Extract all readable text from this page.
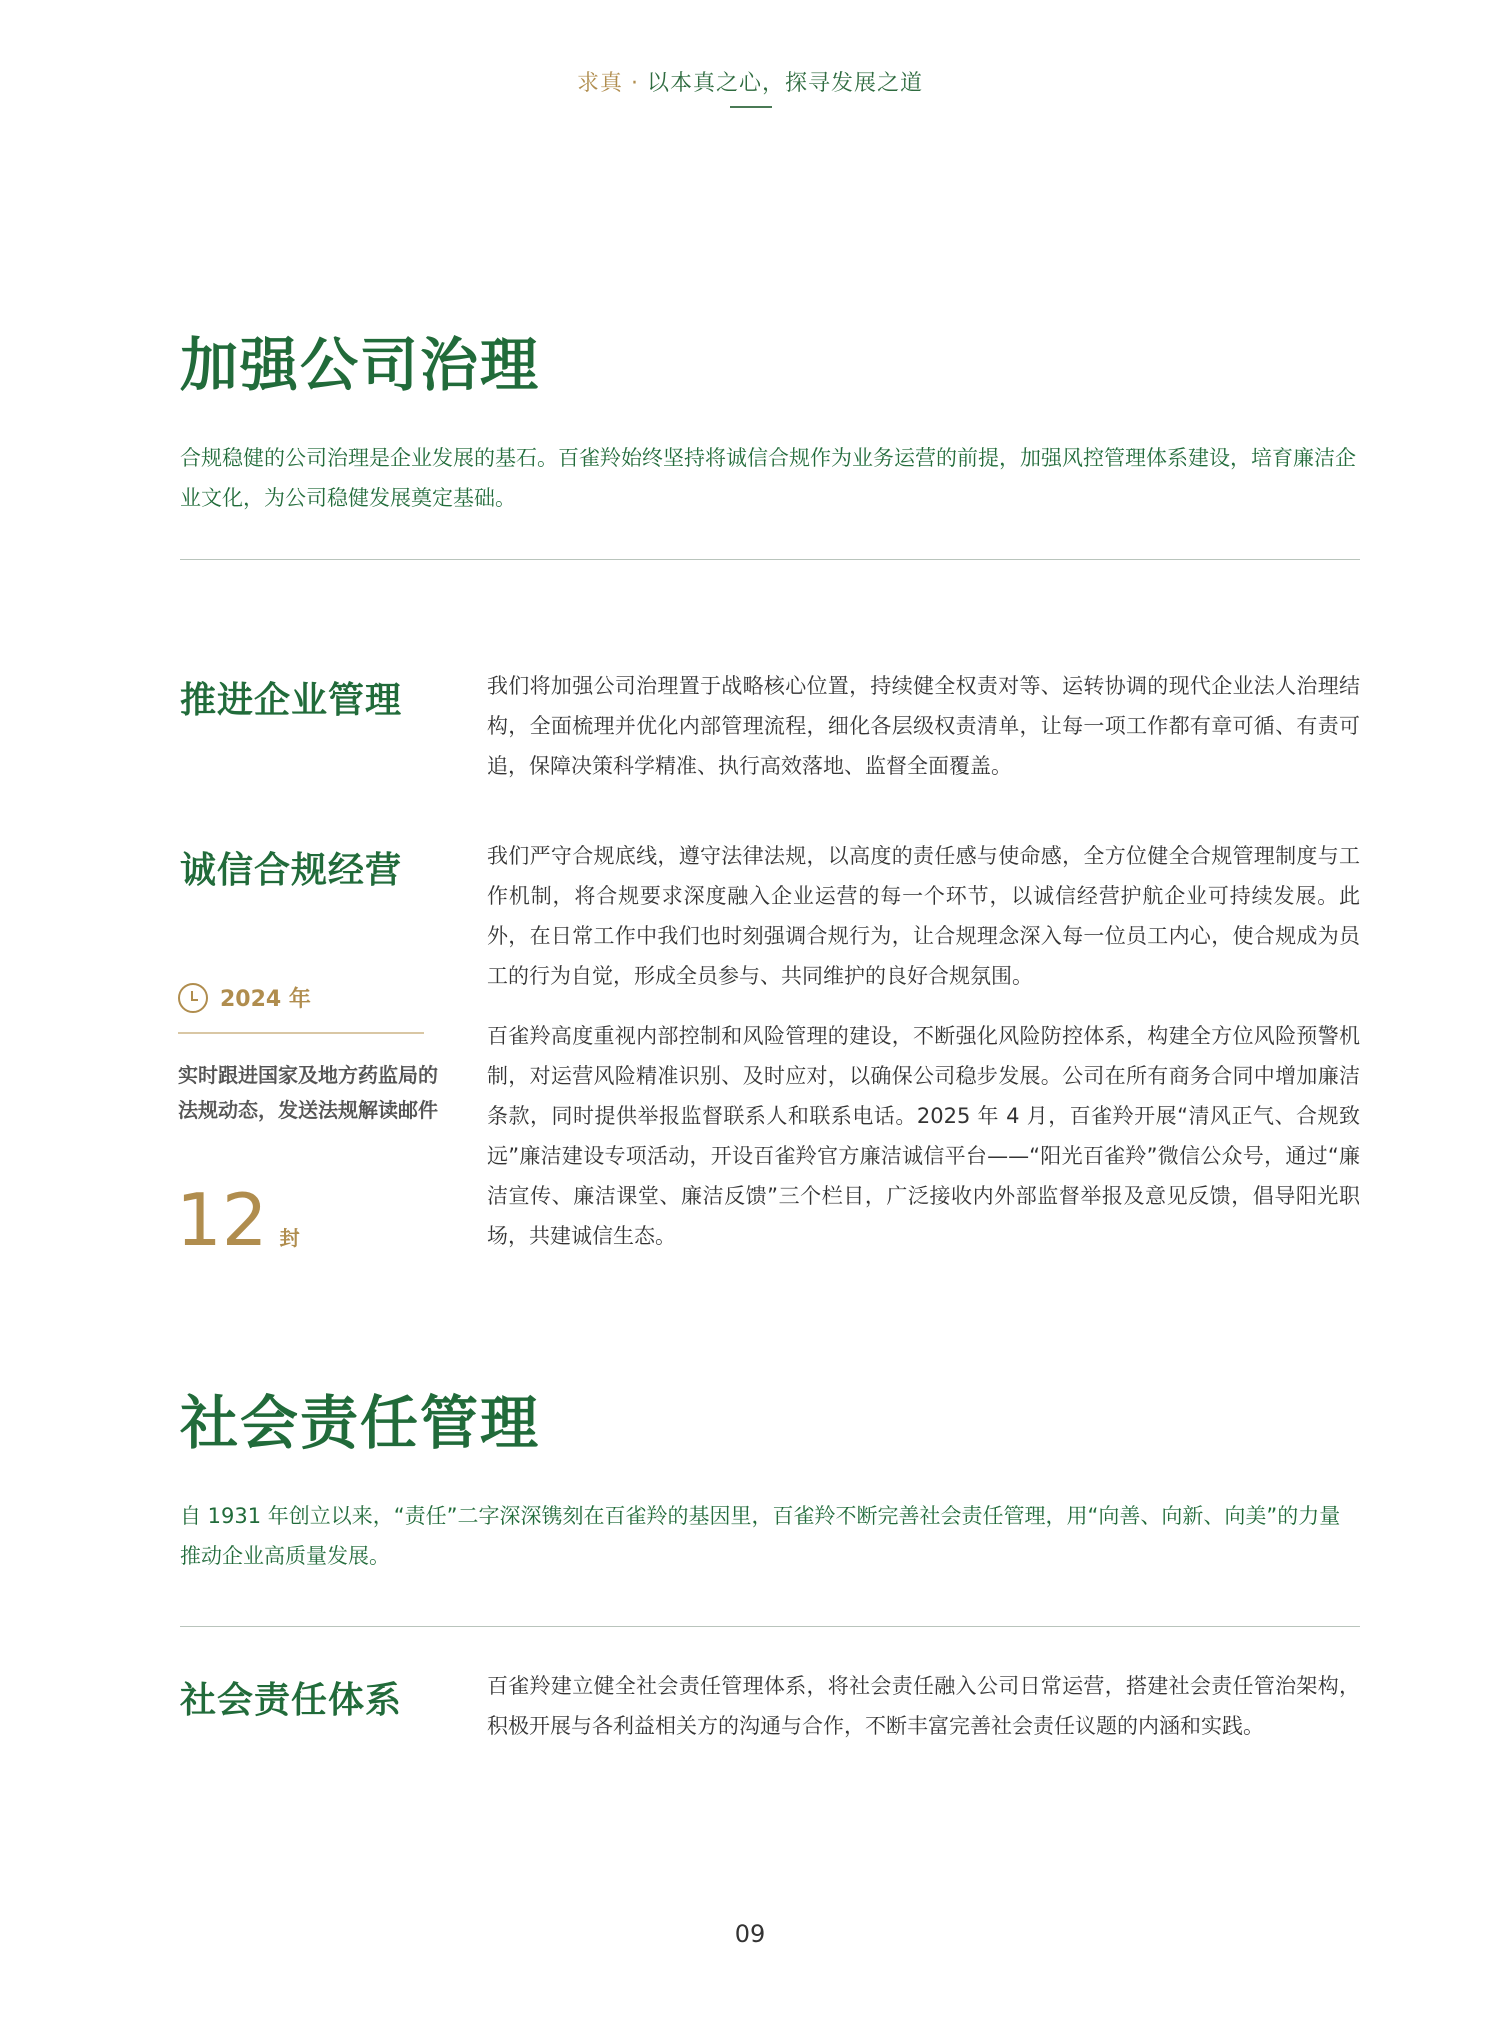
求真 · 以本真之心，探寻发展之道
加强公司治理

合规稳健的公司治理是企业发展的基石。百雀羚始终坚持将诚信合规作为业务运营的前提，加强风控管理体系建设，培育廉洁企业文化，为公司稳健发展奠定基础。

推进企业管理	我们将加强公司治理置于战略核心位置，持续健全权责对等、运转协调的现代企业法人治理结构，全面梳理并优化内部管理流程，细化各层级权责清单，让每一项工作都有章可循、有责可追，保障决策科学精准、执行高效落地、监督全面覆盖。

诚信合规经营	我们严守合规底线，遵守法律法规，以高度的责任感与使命感，全方位健全合规管理制度与工作机制，将合规要求深度融入企业运营的每一个环节，以诚信经营护航企业可持续发展。此外，在日常工作中我们也时刻强调合规行为，让合规理念深入每一位员工内心，使合规成为员工的行为自觉，形成全员参与、共同维护的良好合规氛围。

百雀羚高度重视内部控制和风险管理的建设，不断强化风险防控体系，构建全方位风险预警机制，对运营风险精准识别、及时应对，以确保公司稳步发展。公司在所有商务合同中增加廉洁条款，同时提供举报监督联系人和联系电话。2025 年 4 月，百雀羚开展“清风正气、合规致远”廉洁建设专项活动，开设百雀羚官方廉洁诚信平台——“阳光百雀羚”微信公众号，通过“廉洁宣传、廉洁课堂、廉洁反馈”三个栏目，广泛接收内外部监督举报及意见反馈，倡导阳光职场，共建诚信生态。

2024 年

实时跟进国家及地方药监局的法规动态，发送法规解读邮件

12 封
社会责任管理

自 1931 年创立以来，“责任”二字深深镌刻在百雀羚的基因里，百雀羚不断完善社会责任管理，用“向善、向新、向美”的力量推动企业高质量发展。

社会责任体系	百雀羚建立健全社会责任管理体系，将社会责任融入公司日常运营，搭建社会责任管治架构，积极开展与各利益相关方的沟通与合作，不断丰富完善社会责任议题的内涵和实践。

09
